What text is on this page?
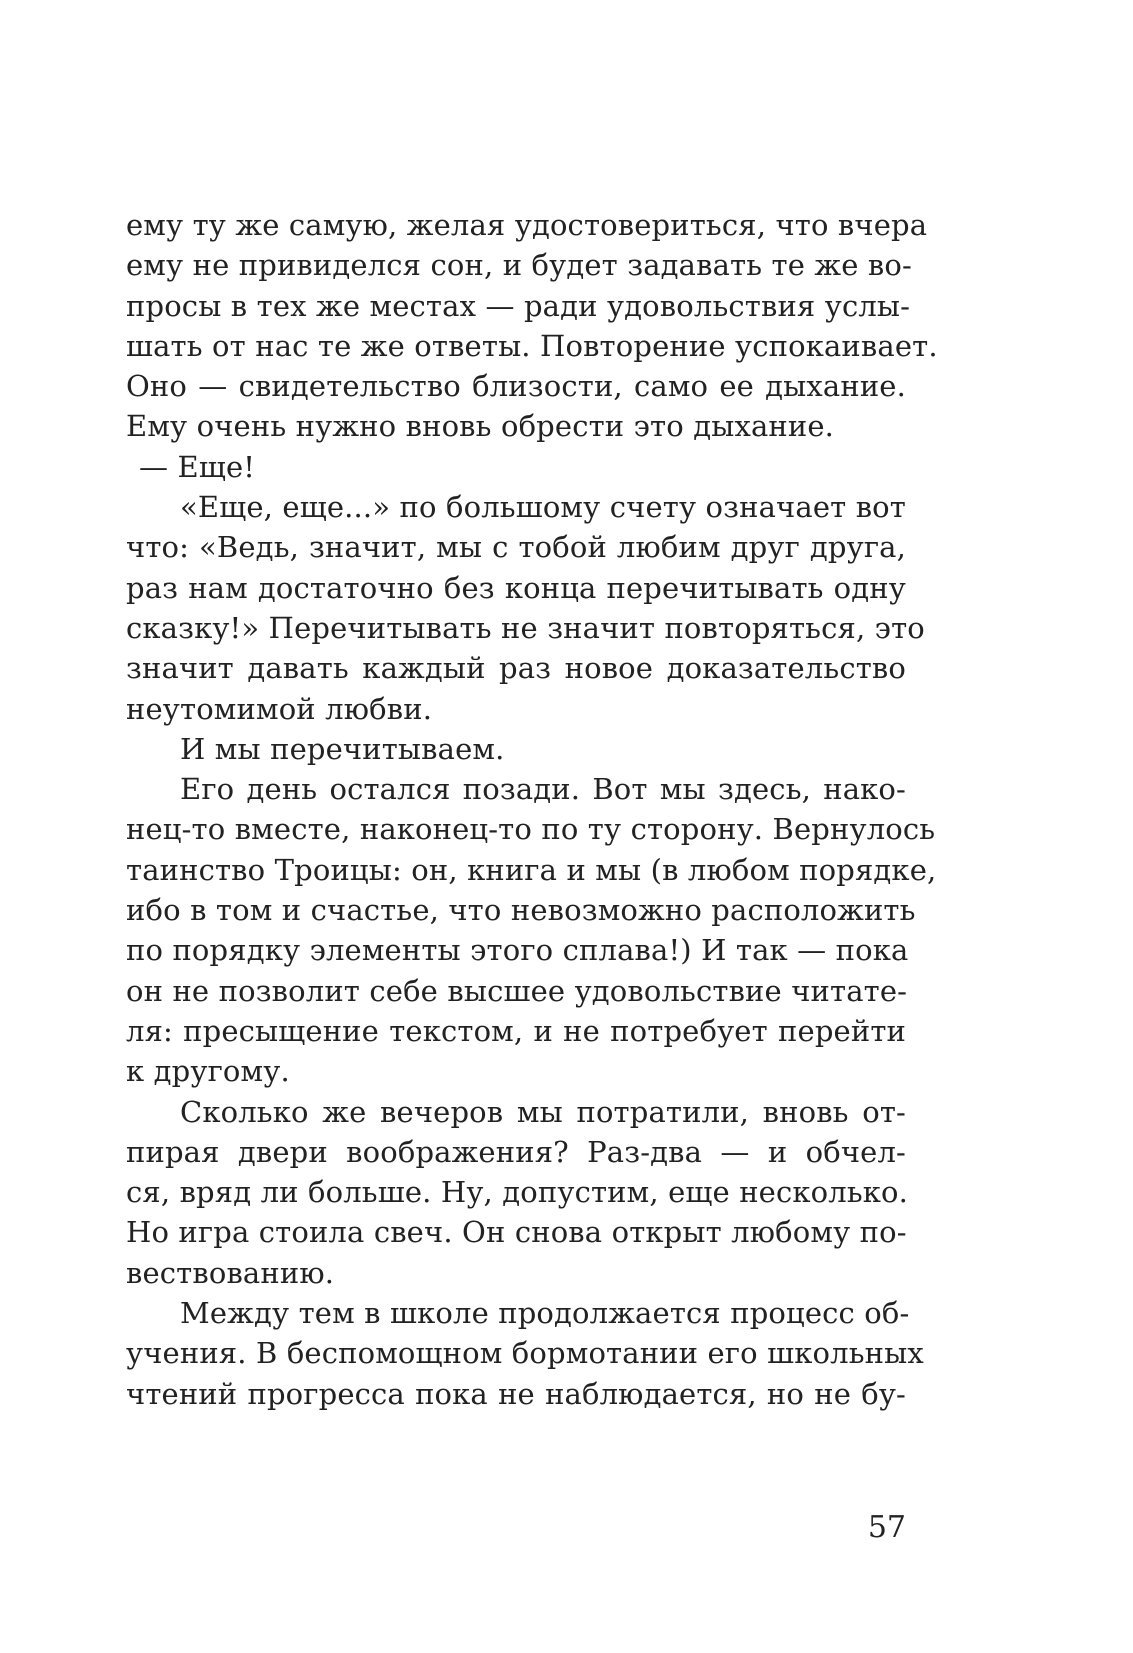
ему ту же самую, желая удостовериться, что вчера
ему не привиделся сон, и будет задавать те же во-
просы в тех же местах — ради удовольствия услы-
шать от нас те же ответы. Повторение успокаивает.
Оно — свидетельство близости, само ее дыхание.
Ему очень нужно вновь обрести это дыхание.
— Еще!
«Еще, еще...» по большому счету означает вот
что: «Ведь, значит, мы с тобой любим друг друга,
раз нам достаточно без конца перечитывать одну
сказку!» Перечитывать не значит повторяться, это
значит давать каждый раз новое доказательство
неутомимой любви.
И мы перечитываем.
Его день остался позади. Вот мы здесь, нако-
нец-то вместе, наконец-то по ту сторону. Вернулось
таинство Троицы: он, книга и мы (в любом порядке,
ибо в том и счастье, что невозможно расположить
по порядку элементы этого сплава!) И так — пока
он не позволит себе высшее удовольствие читате-
ля: пресыщение текстом, и не потребует перейти
к другому.
Сколько же вечеров мы потратили, вновь от-
пирая двери воображения? Раз-два — и обчел-
ся, вряд ли больше. Ну, допустим, еще несколько.
Но игра стоила свеч. Он снова открыт любому по-
вествованию.
Между тем в школе продолжается процесс об-
учения. В беспомощном бормотании его школьных
чтений прогресса пока не наблюдается, но не бу-
57
